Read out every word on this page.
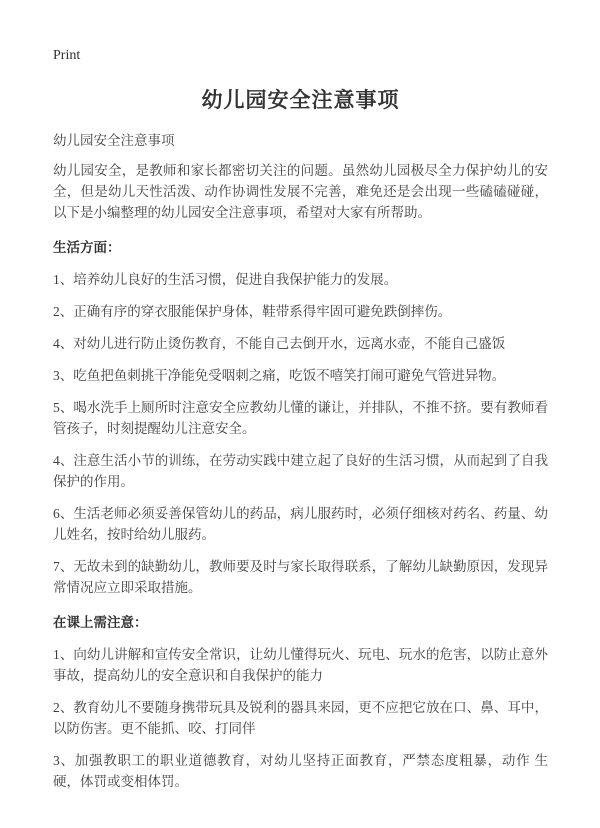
Print
幼儿园安全注意事项

幼儿园安全注意事项

幼儿园安全，是教师和家长都密切关注的问题。虽然幼儿园极尽全力保护幼儿的安全，但是幼儿天性活泼、动作协调性发展不完善，难免还是会出现一些磕磕碰碰，以下是小编整理的幼儿园安全注意事项，希望对大家有所帮助。

生活方面：

1、培养幼儿良好的生活习惯，促进自我保护能力的发展。

2、正确有序的穿衣服能保护身体，鞋带系得牢固可避免跌倒摔伤。

4、对幼儿进行防止烫伤教育，不能自己去倒开水，远离水壶，不能自己盛饭

3、吃鱼把鱼刺挑干净能免受咽刺之痛，吃饭不嘻笑打闹可避免气管进异物。

5、喝水洗手上厕所时注意安全应教幼儿懂的谦让，并排队，不推不挤。要有教师看管孩子，时刻提醒幼儿注意安全。

4、注意生活小节的训练，在劳动实践中建立起了良好的生活习惯，从而起到了自我保护的作用。

6、生活老师必须妥善保管幼儿的药品，病儿服药时，必须仔细核对药名、药量、幼儿姓名，按时给幼儿服药。

7、无故未到的缺勤幼儿，教师要及时与家长取得联系，了解幼儿缺勤原因，发现异常情况应立即采取措施。

在课上需注意：

1、向幼儿讲解和宣传安全常识，让幼儿懂得玩火、玩电、玩水的危害，以防止意外事故，提高幼儿的安全意识和自我保护的能力

2、教育幼儿不要随身携带玩具及锐利的器具来园，更不应把它放在口、鼻、耳中，以防伤害。更不能抓、咬、打同伴

3、加强教职工的职业道德教育，对幼儿坚持正面教育，严禁态度粗暴，动作 生硬，体罚或变相体罚。
